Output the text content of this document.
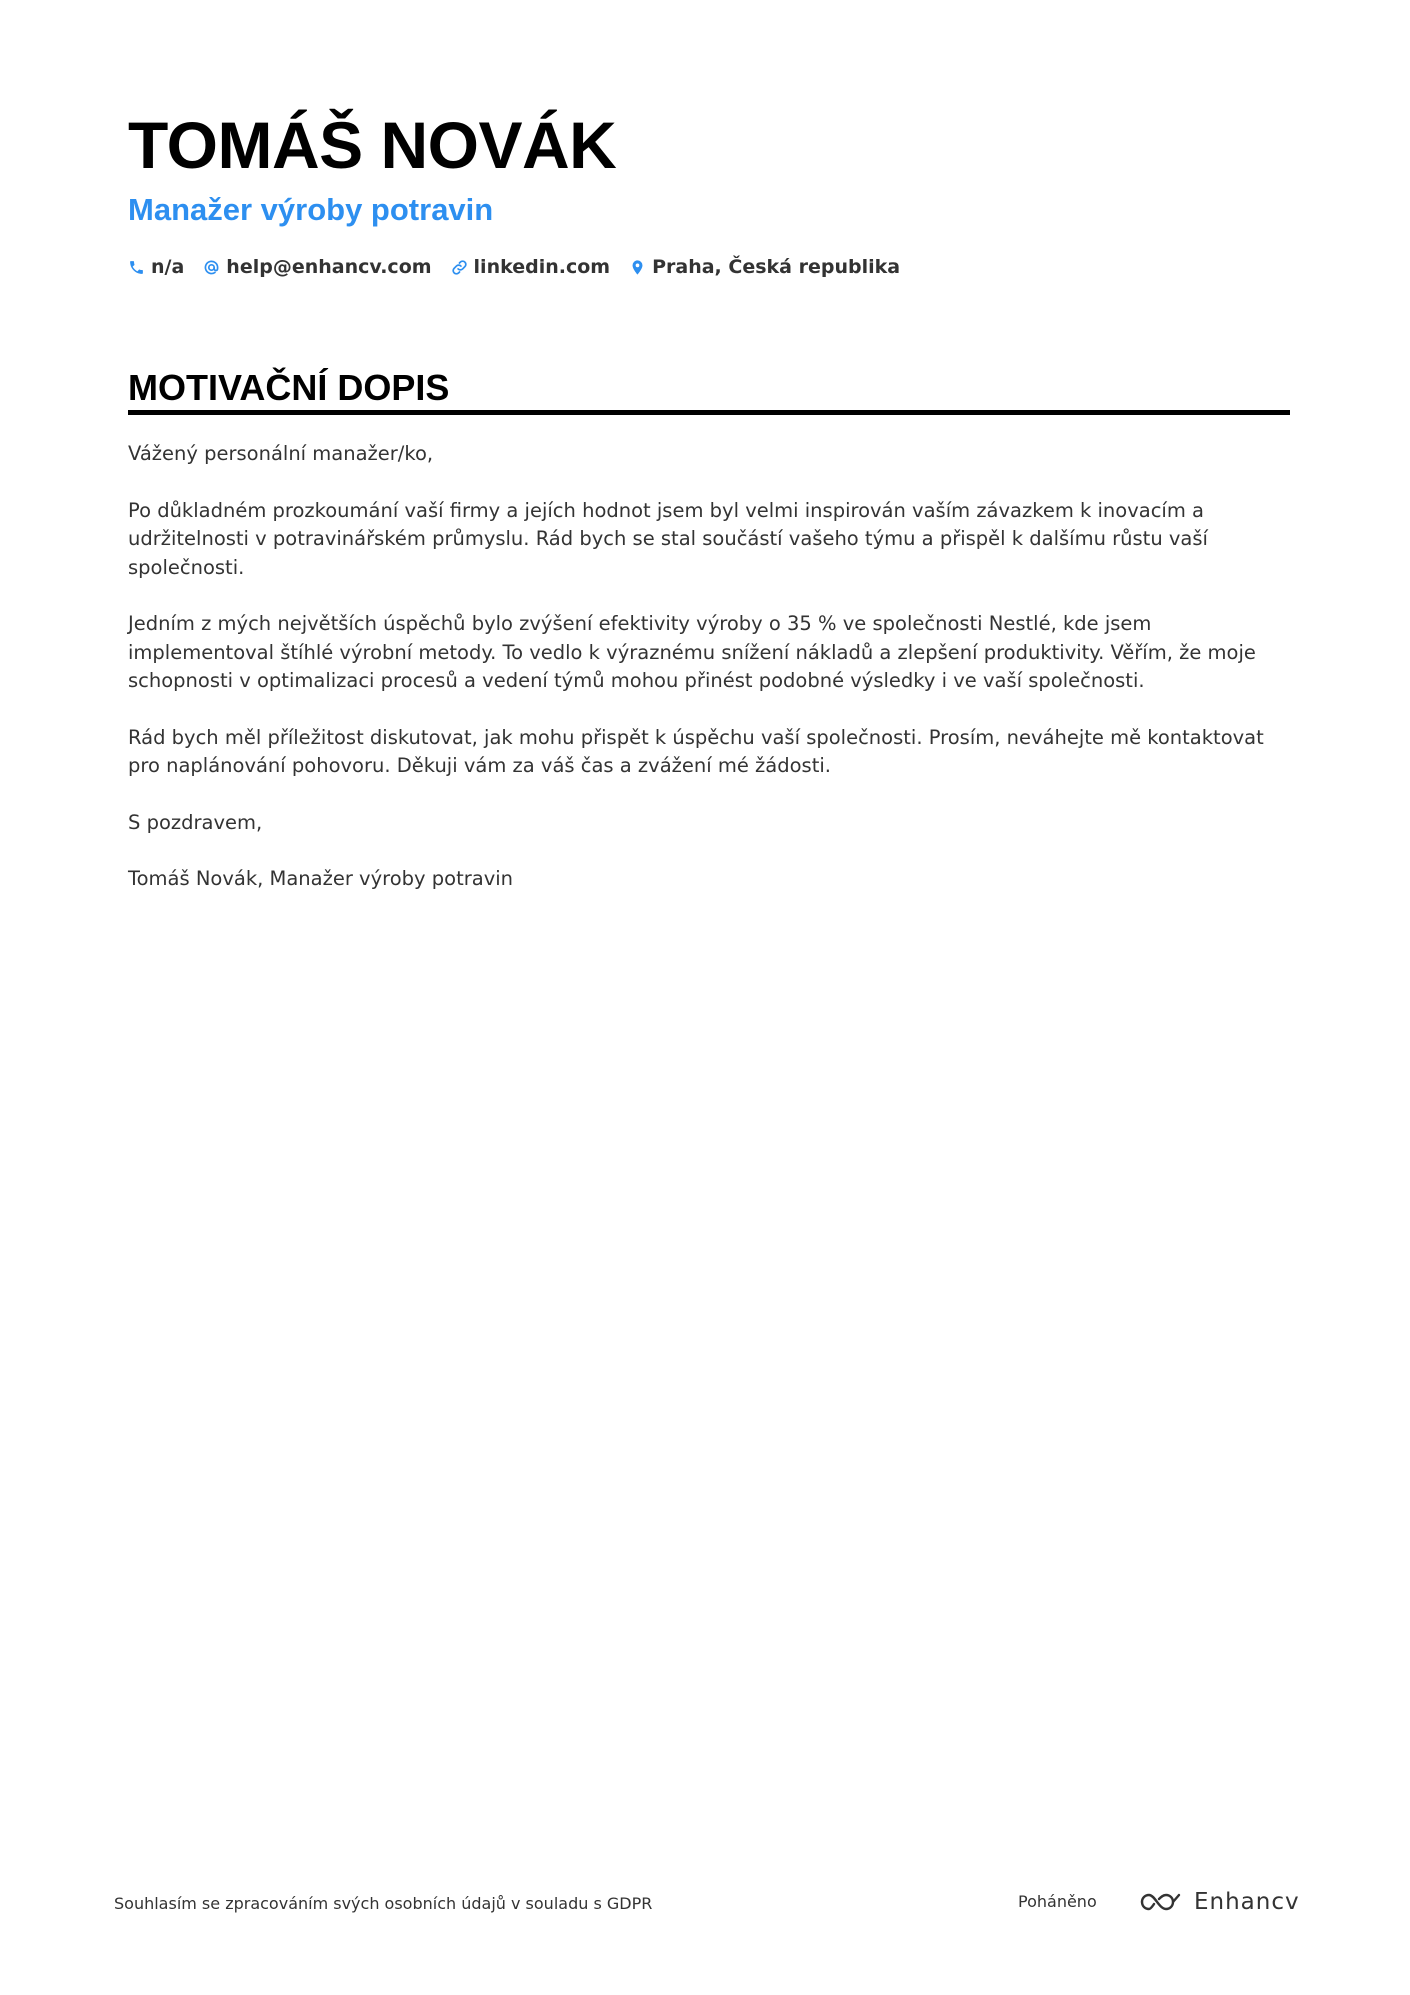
TOMÁŠ NOVÁK
Manažer výroby potravin
n/a help@enhancv.com linkedin.com Praha, Česká republika
MOTIVAČNÍ DOPIS

Vážený personální manažer/ko,

Po důkladném prozkoumání vaší firmy a jejích hodnot jsem byl velmi inspirován vaším závazkem k inovacím a udržitelnosti v potravinářském průmyslu. Rád bych se stal součástí vašeho týmu a přispěl k dalšímu růstu vaší společnosti.

Jedním z mých největších úspěchů bylo zvýšení efektivity výroby o 35 % ve společnosti Nestlé, kde jsem implementoval štíhlé výrobní metody. To vedlo k výraznému snížení nákladů a zlepšení produktivity. Věřím, že moje schopnosti v optimalizaci procesů a vedení týmů mohou přinést podobné výsledky i ve vaší společnosti.

Rád bych měl příležitost diskutovat, jak mohu přispět k úspěchu vaší společnosti. Prosím, neváhejte mě kontaktovat pro naplánování pohovoru. Děkuji vám za váš čas a zvážení mé žádosti.

S pozdravem,

Tomáš Novák, Manažer výroby potravin

Souhlasím se zpracováním svých osobních údajů v souladu s GDPR	Poháněno	Enhancv
